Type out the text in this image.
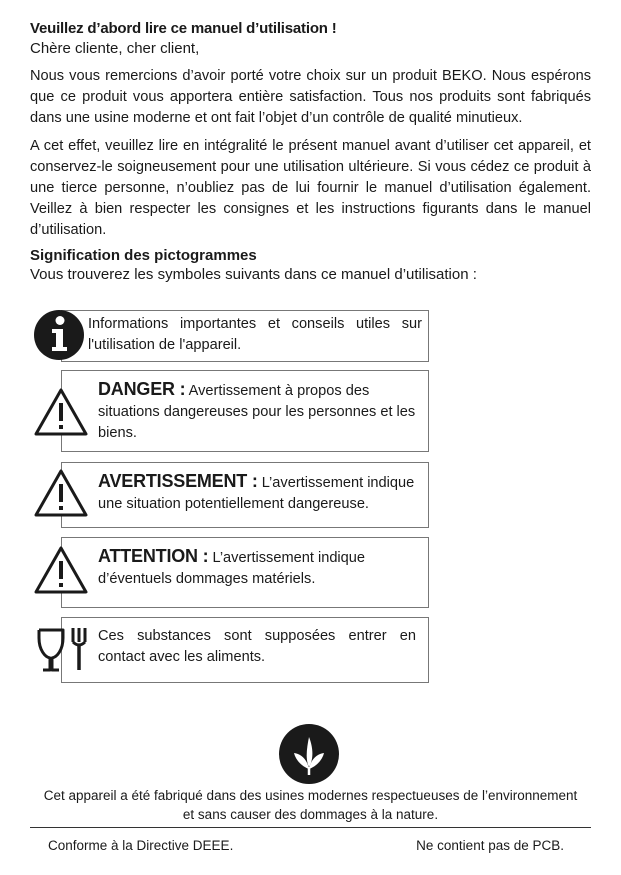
Veuillez d’abord lire ce manuel d’utilisation !
Chère cliente, cher client,
Nous vous remercions d’avoir porté votre choix sur un produit BEKO. Nous espérons que ce produit vous apportera entière satisfaction. Tous nos produits sont fabriqués dans une usine moderne et ont fait l’objet d’un contrôle de qualité minutieux.
A cet effet, veuillez lire en intégralité le présent manuel avant d’utiliser cet appareil, et conservez-le soigneusement pour une utilisation ultérieure. Si vous cédez ce produit à une tierce personne, n’oubliez pas de lui fournir le manuel d’utilisation également. Veillez à bien respecter les consignes et les instructions figurants dans le manuel d’utilisation.
Signification des pictogrammes
Vous trouverez les symboles suivants dans ce manuel d’utilisation :
Informations importantes et conseils utiles sur l'utilisation de l'appareil.
DANGER : Avertissement à propos des situations dangereuses pour les personnes et les biens.
AVERTISSEMENT : L’avertissement indique une situation potentiellement dangereuse.
ATTENTION : L’avertissement indique d’éventuels dommages matériels.
Ces substances sont supposées entrer en contact avec les aliments.
Cet appareil a été fabriqué dans des usines modernes respectueuses de l’environnement
et sans causer des dommages à la nature.
Conforme à la Directive DEEE.	Ne contient pas de PCB.
